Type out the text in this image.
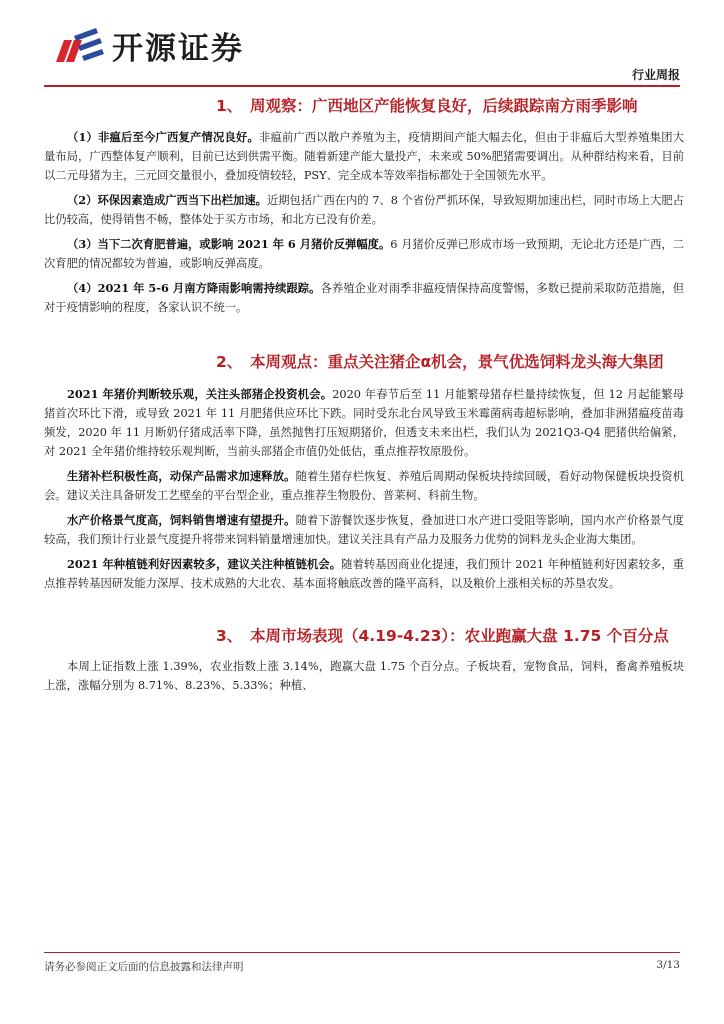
开源证券
行业周报
1、 周观察：广西地区产能恢复良好，后续跟踪南方雨季影响

（1）非瘟后至今广西复产情况良好。非瘟前广西以散户养殖为主，疫情期间产能大幅去化，但由于非瘟后大型养殖集团大量布局，广西整体复产顺利，目前已达到供需平衡。随着新建产能大量投产，未来或 50%肥猪需要调出。从种群结构来看，目前以二元母猪为主，三元回交量很小，叠加疫情较轻，PSY、完全成本等效率指标都处于全国领先水平。

（2）环保因素造成广西当下出栏加速。近期包括广西在内的 7、8 个省份严抓环保，导致短期加速出栏，同时市场上大肥占比仍较高，使得销售不畅，整体处于买方市场，和北方已没有价差。

（3）当下二次育肥普遍，或影响 2021 年 6 月猪价反弹幅度。6 月猪价反弹已形成市场一致预期，无论北方还是广西，二次育肥的情况都较为普遍，或影响反弹高度。

（4）2021 年 5-6 月南方降雨影响需持续跟踪。各养殖企业对雨季非瘟疫情保持高度警惕，多数已提前采取防范措施，但对于疫情影响的程度，各家认识不统一。

2、 本周观点：重点关注猪企α机会，景气优选饲料龙头海大集团

2021 年猪价判断较乐观，关注头部猪企投资机会。2020 年春节后至 11 月能繁母猪存栏量持续恢复，但 12 月起能繁母猪首次环比下滑，或导致 2021 年 11 月肥猪供应环比下跌。同时受东北台风导致玉米霉菌病毒超标影响，叠加非洲猪瘟疫苗毒频发，2020 年 11 月断奶仔猪成活率下降，虽然抛售打压短期猪价，但透支未来出栏，我们认为 2021Q3-Q4 肥猪供给偏紧，对 2021 全年猪价维持较乐观判断，当前头部猪企市值仍处低估，重点推荐牧原股份。

生猪补栏积极性高，动保产品需求加速释放。随着生猪存栏恢复、养殖后周期动保板块持续回暖，看好动物保健板块投资机会。建议关注具备研发工艺壁垒的平台型企业，重点推荐生物股份、普莱柯、科前生物。

水产价格景气度高，饲料销售增速有望提升。随着下游餐饮逐步恢复，叠加进口水产进口受阻等影响，国内水产价格景气度较高，我们预计行业景气度提升将带来饲料销量增速加快。建议关注具有产品力及服务力优势的饲料龙头企业海大集团。

2021 年种植链利好因素较多，建议关注种植链机会。随着转基因商业化提速，我们预计 2021 年种植链利好因素较多，重点推荐转基因研发能力深厚、技术成熟的大北农、基本面将触底改善的隆平高科，以及粮价上涨相关标的苏垦农发。

3、 本周市场表现（4.19-4.23）：农业跑赢大盘 1.75 个百分点

本周上证指数上涨 1.39%，农业指数上涨 3.14%，跑赢大盘 1.75 个百分点。子板块看，宠物食品，饲料，畜禽养殖板块上涨，涨幅分别为 8.71%、8.23%、5.33%；种植、

请务必参阅正文后面的信息披露和法律声明	3/13
